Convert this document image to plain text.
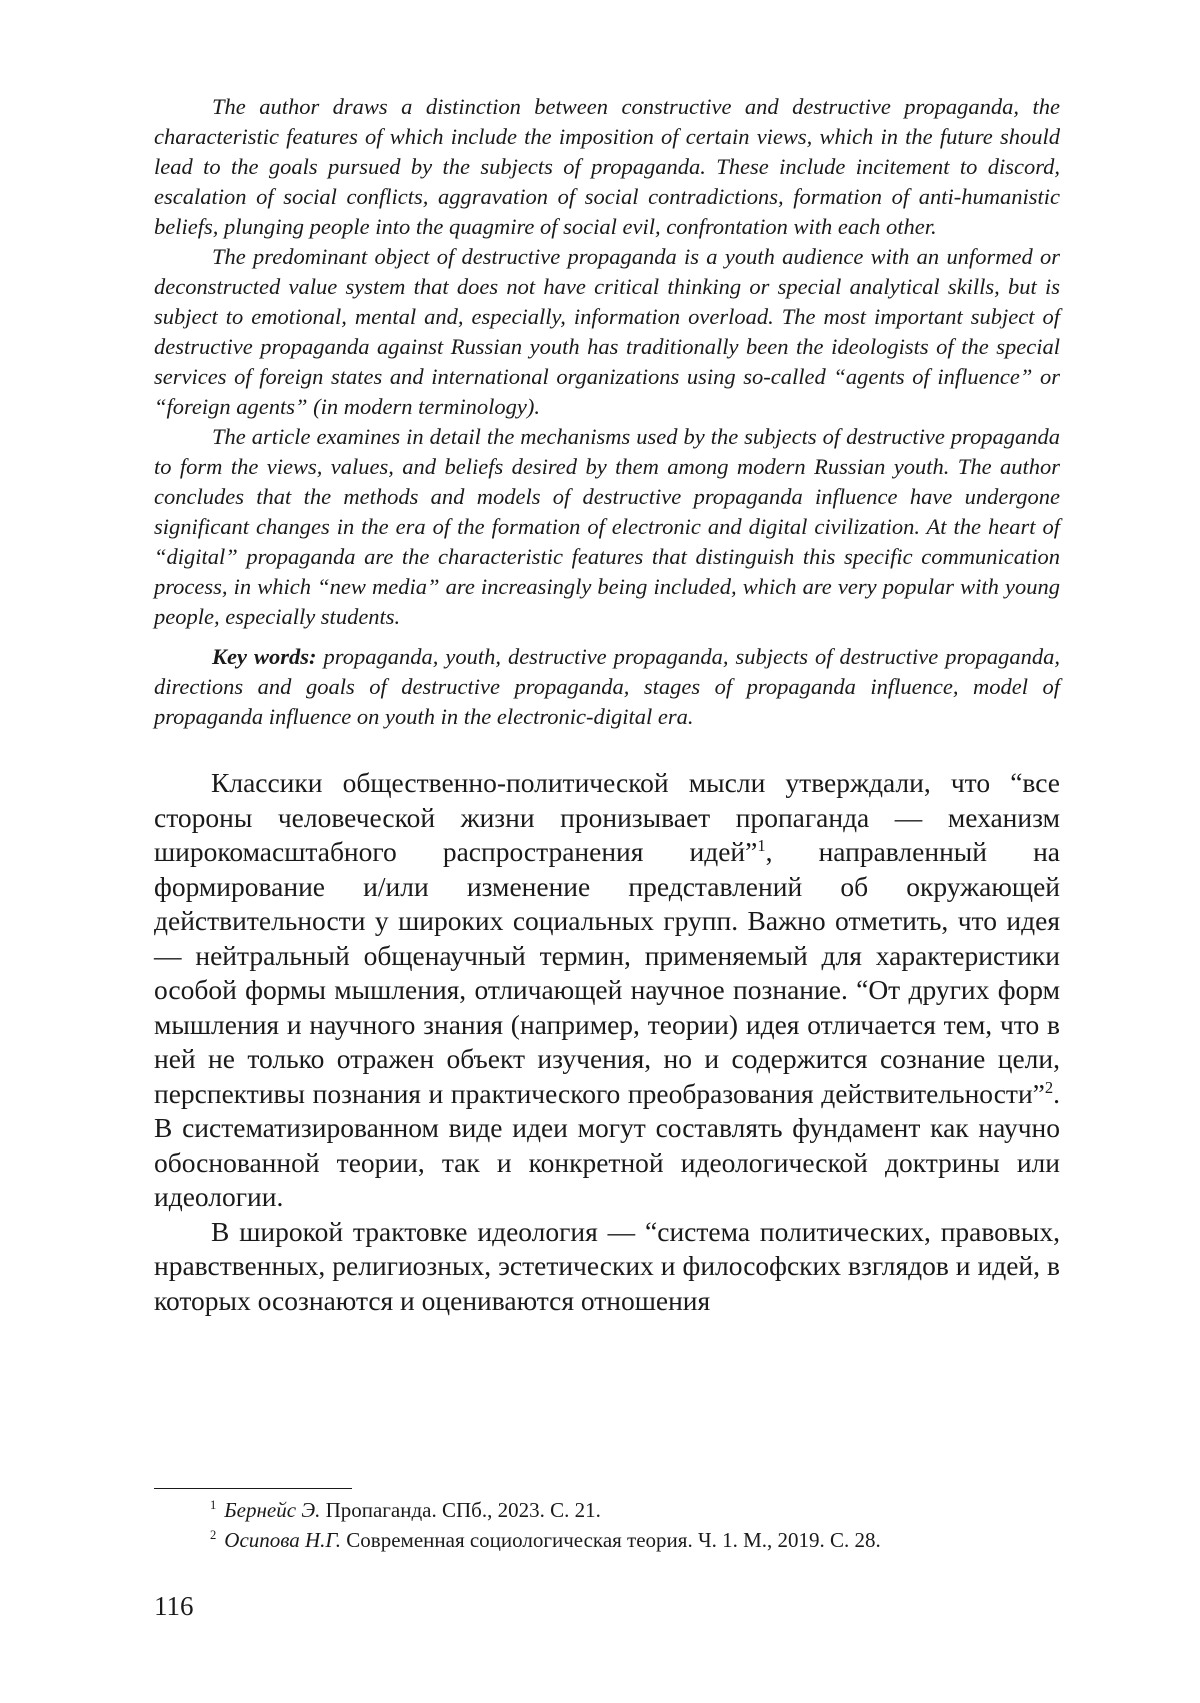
The author draws a distinction between constructive and destructive propaganda, the characteristic features of which include the imposition of certain views, which in the future should lead to the goals pursued by the subjects of propaganda. These include incitement to discord, escalation of social conflicts, aggravation of social contradictions, formation of anti-humanistic beliefs, plunging people into the quagmire of social evil, confrontation with each other.

The predominant object of destructive propaganda is a youth audience with an unformed or deconstructed value system that does not have critical thinking or special analytical skills, but is subject to emotional, mental and, especially, information overload. The most important subject of destructive propaganda against Russian youth has traditionally been the ideologists of the special services of foreign states and international organizations using so-called “agents of influence” or “foreign agents” (in modern terminology).

The article examines in detail the mechanisms used by the subjects of destructive propaganda to form the views, values, and beliefs desired by them among modern Russian youth. The author concludes that the methods and models of destructive propaganda influence have undergone significant changes in the era of the formation of electronic and digital civilization. At the heart of “digital” propaganda are the characteristic features that distinguish this specific communication process, in which “new media” are increasingly being included, which are very popular with young people, especially students.

Key words: propaganda, youth, destructive propaganda, subjects of destructive propaganda, directions and goals of destructive propaganda, stages of propaganda influence, model of propaganda influence on youth in the electronic-digital era.

Классики общественно-политической мысли утверждали, что “все стороны человеческой жизни пронизывает пропаганда — механизм широкомасштабного распространения идей”$^1$, направленный на формирование и/или изменение представлений об окружающей действительности у широких социальных групп. Важно отметить, что идея — нейтральный общенаучный термин, применяемый для характеристики особой формы мышления, отличающей научное познание. “От других форм мышления и научного знания (например, теории) идея отличается тем, что в ней не только отражен объект изучения, но и содержится сознание цели, перспективы познания и практического преобразования действительности”$^2$. В систематизированном виде идеи могут составлять фундамент как научно обоснованной теории, так и конкретной идеологической доктрины или идеологии.

В широкой трактовке идеология — “система политических, правовых, нравственных, религиозных, эстетических и философских взглядов и идей, в которых осознаются и оцениваются отношения

$^1$ Бернейс Э. Пропаганда. СПб., 2023. С. 21.
$^2$ Осипова Н.Г. Современная социологическая теория. Ч. 1. М., 2019. С. 28.
116
